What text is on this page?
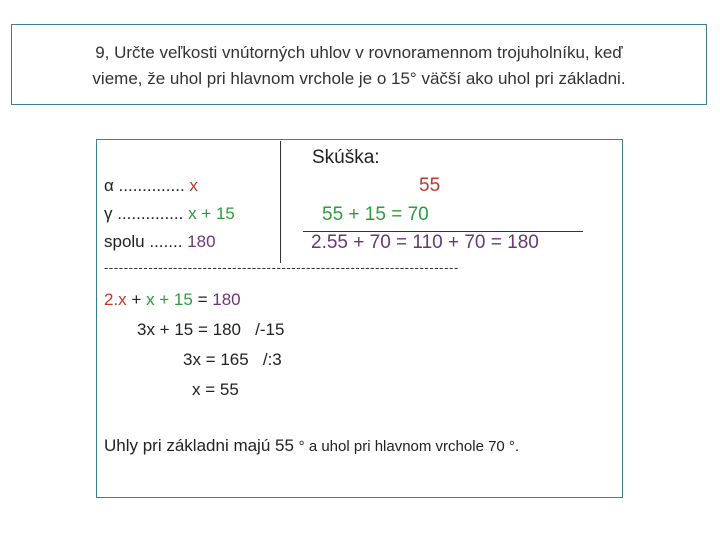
9, Určte veľkosti vnútorných uhlov v rovnoramennom trojuholníku, keď
vieme, že uhol pri hlavnom vrchole je o 15° väčší ako uhol pri základni.
Skúška:
55
55 + 15 = 70
2.55 + 70 = 110 + 70 = 180
α .............. x
γ .............. x + 15
spolu ....... 180
------------------------------------------------------------------------
2.x + x + 15 = 180
3x + 15 = 180   /-15
3x = 165   /:3
x = 55
Uhly pri základni majú 55 ° a uhol pri hlavnom vrchole 70 °.
